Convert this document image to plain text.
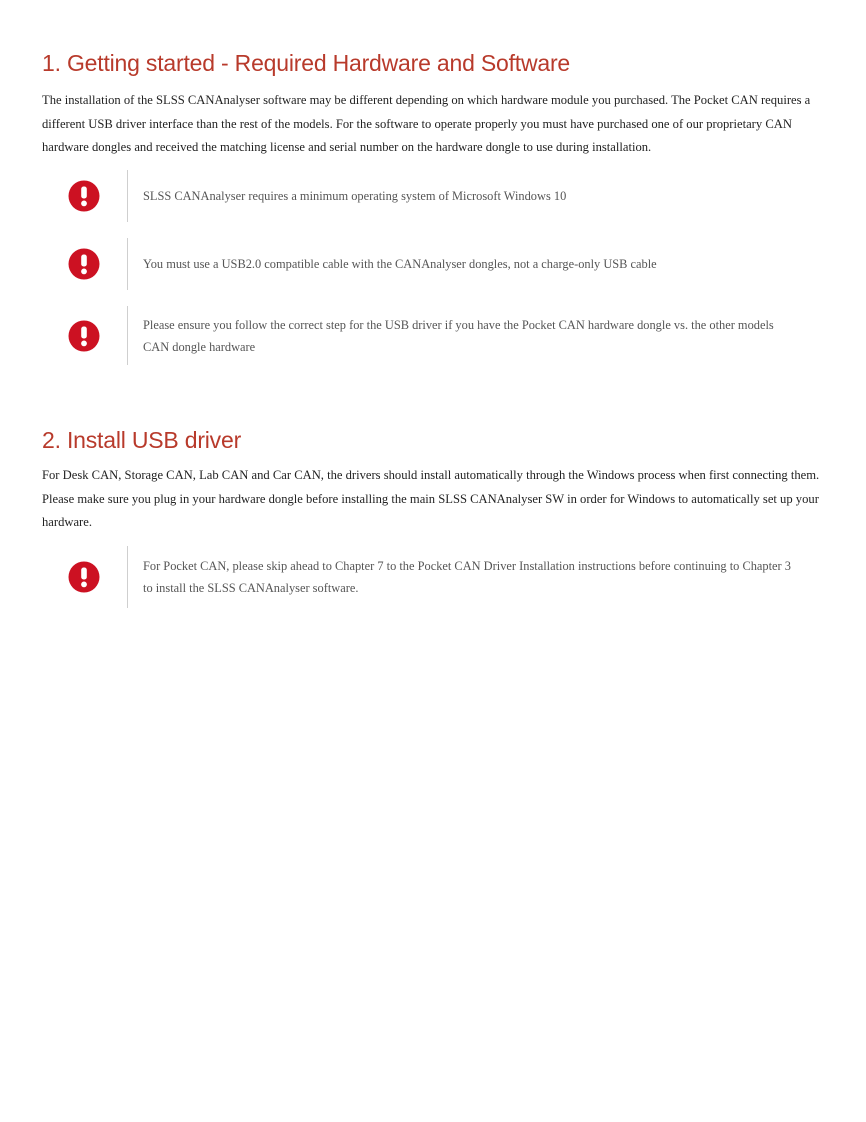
1. Getting started - Required Hardware and Software

The installation of the SLSS CANAnalyser software may be different depending on which hardware module you purchased. The Pocket CAN requires a different USB driver interface than the rest of the models. For the software to operate properly you must have purchased one of our proprietary CAN hardware dongles and received the matching license and serial number on the hardware dongle to use during installation.

SLSS CANAnalyser requires a minimum operating system of Microsoft Windows 10
You must use a USB2.0 compatible cable with the CANAnalyser dongles, not a charge-only USB cable
Please ensure you follow the correct step for the USB driver if you have the Pocket CAN hardware dongle vs. the other models CAN dongle hardware
2. Install USB driver

For Desk CAN, Storage CAN, Lab CAN and Car CAN, the drivers should install automatically through the Windows process when first connecting them. Please make sure you plug in your hardware dongle before installing the main SLSS CANAnalyser SW in order for Windows to automatically set up your hardware.

For Pocket CAN, please skip ahead to Chapter 7 to the Pocket CAN Driver Installation instructions before continuing to Chapter 3 to install the SLSS CANAnalyser software.
